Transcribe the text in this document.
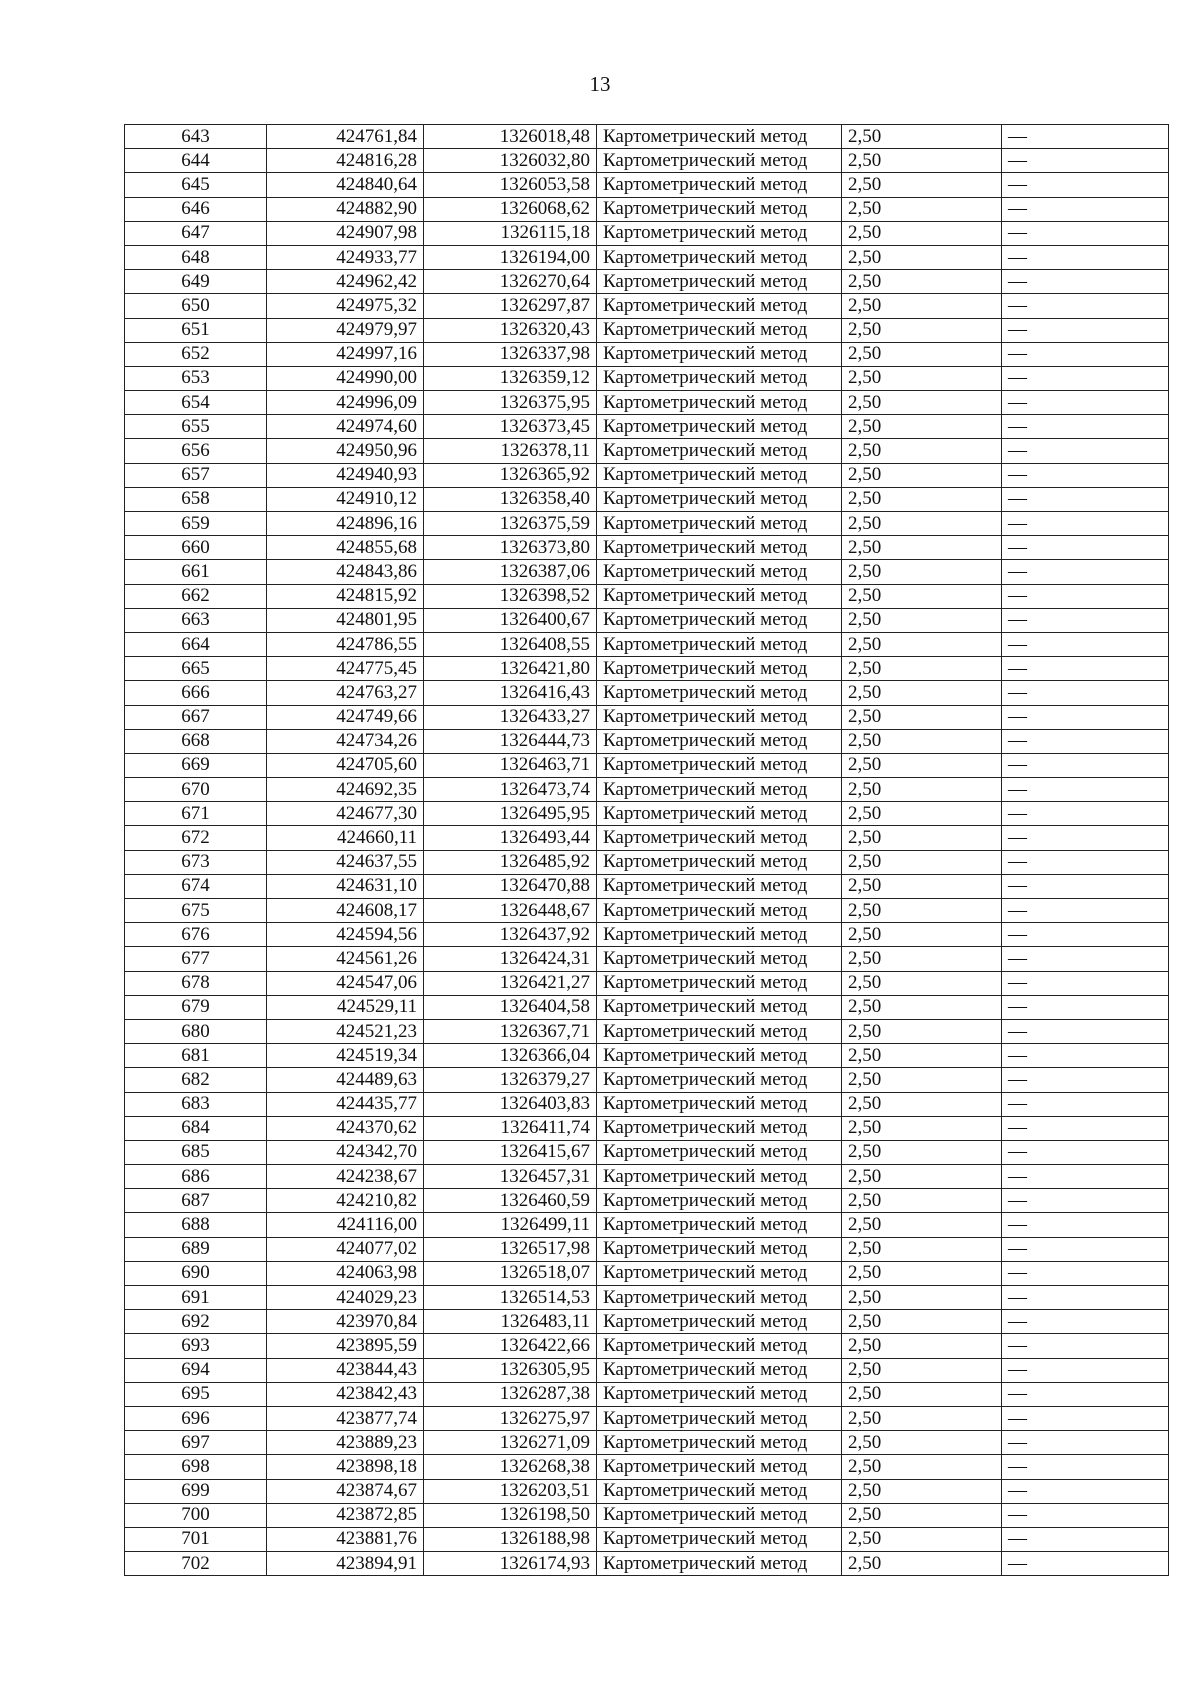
13
643	424761,84	1326018,48	Картометрический метод	2,50	—
644	424816,28	1326032,80	Картометрический метод	2,50	—
645	424840,64	1326053,58	Картометрический метод	2,50	—
646	424882,90	1326068,62	Картометрический метод	2,50	—
647	424907,98	1326115,18	Картометрический метод	2,50	—
648	424933,77	1326194,00	Картометрический метод	2,50	—
649	424962,42	1326270,64	Картометрический метод	2,50	—
650	424975,32	1326297,87	Картометрический метод	2,50	—
651	424979,97	1326320,43	Картометрический метод	2,50	—
652	424997,16	1326337,98	Картометрический метод	2,50	—
653	424990,00	1326359,12	Картометрический метод	2,50	—
654	424996,09	1326375,95	Картометрический метод	2,50	—
655	424974,60	1326373,45	Картометрический метод	2,50	—
656	424950,96	1326378,11	Картометрический метод	2,50	—
657	424940,93	1326365,92	Картометрический метод	2,50	—
658	424910,12	1326358,40	Картометрический метод	2,50	—
659	424896,16	1326375,59	Картометрический метод	2,50	—
660	424855,68	1326373,80	Картометрический метод	2,50	—
661	424843,86	1326387,06	Картометрический метод	2,50	—
662	424815,92	1326398,52	Картометрический метод	2,50	—
663	424801,95	1326400,67	Картометрический метод	2,50	—
664	424786,55	1326408,55	Картометрический метод	2,50	—
665	424775,45	1326421,80	Картометрический метод	2,50	—
666	424763,27	1326416,43	Картометрический метод	2,50	—
667	424749,66	1326433,27	Картометрический метод	2,50	—
668	424734,26	1326444,73	Картометрический метод	2,50	—
669	424705,60	1326463,71	Картометрический метод	2,50	—
670	424692,35	1326473,74	Картометрический метод	2,50	—
671	424677,30	1326495,95	Картометрический метод	2,50	—
672	424660,11	1326493,44	Картометрический метод	2,50	—
673	424637,55	1326485,92	Картометрический метод	2,50	—
674	424631,10	1326470,88	Картометрический метод	2,50	—
675	424608,17	1326448,67	Картометрический метод	2,50	—
676	424594,56	1326437,92	Картометрический метод	2,50	—
677	424561,26	1326424,31	Картометрический метод	2,50	—
678	424547,06	1326421,27	Картометрический метод	2,50	—
679	424529,11	1326404,58	Картометрический метод	2,50	—
680	424521,23	1326367,71	Картометрический метод	2,50	—
681	424519,34	1326366,04	Картометрический метод	2,50	—
682	424489,63	1326379,27	Картометрический метод	2,50	—
683	424435,77	1326403,83	Картометрический метод	2,50	—
684	424370,62	1326411,74	Картометрический метод	2,50	—
685	424342,70	1326415,67	Картометрический метод	2,50	—
686	424238,67	1326457,31	Картометрический метод	2,50	—
687	424210,82	1326460,59	Картометрический метод	2,50	—
688	424116,00	1326499,11	Картометрический метод	2,50	—
689	424077,02	1326517,98	Картометрический метод	2,50	—
690	424063,98	1326518,07	Картометрический метод	2,50	—
691	424029,23	1326514,53	Картометрический метод	2,50	—
692	423970,84	1326483,11	Картометрический метод	2,50	—
693	423895,59	1326422,66	Картометрический метод	2,50	—
694	423844,43	1326305,95	Картометрический метод	2,50	—
695	423842,43	1326287,38	Картометрический метод	2,50	—
696	423877,74	1326275,97	Картометрический метод	2,50	—
697	423889,23	1326271,09	Картометрический метод	2,50	—
698	423898,18	1326268,38	Картометрический метод	2,50	—
699	423874,67	1326203,51	Картометрический метод	2,50	—
700	423872,85	1326198,50	Картометрический метод	2,50	—
701	423881,76	1326188,98	Картометрический метод	2,50	—
702	423894,91	1326174,93	Картометрический метод	2,50	—
